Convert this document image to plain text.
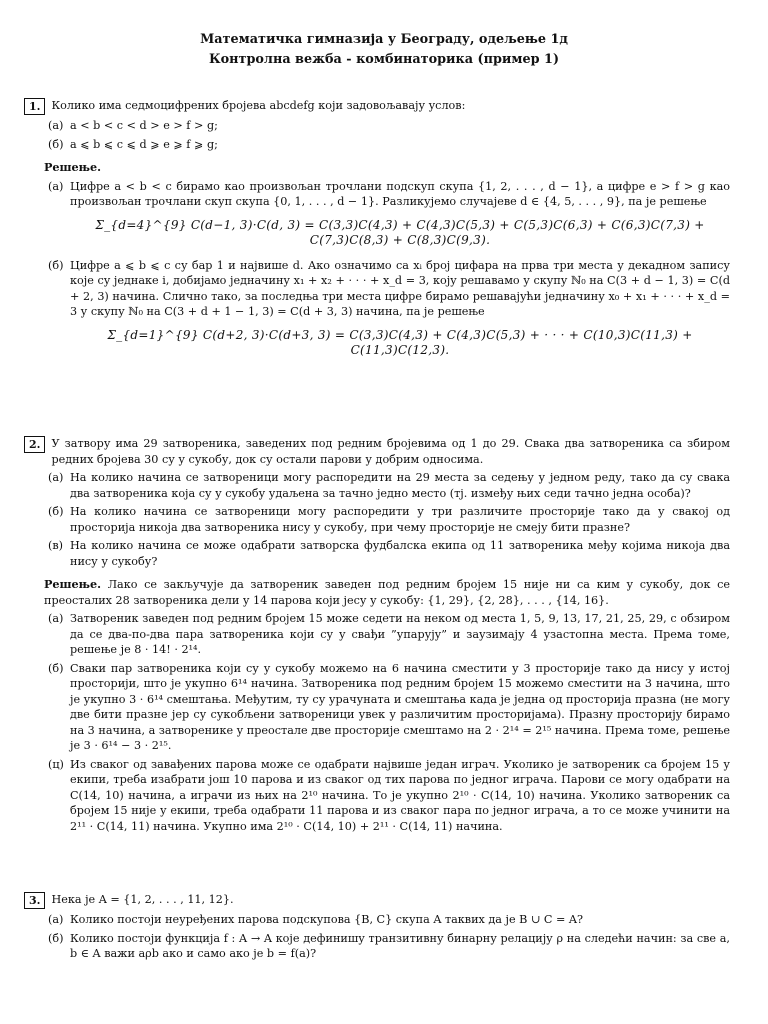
Математичка гимназија у Београду, одељење 1д
Контролна вежба - комбинаторика (пример 1)
1. Колико има седмоцифрених бројева abcdefg који задовољавају услов:
(а) a < b < c < d > e > f > g;
(б) a ⩽ b ⩽ c ⩽ d ⩾ e ⩾ f ⩾ g;
Решење.
(а) Цифре a < b < c бирамо као произвољан трочлани подскуп скупа {1, 2, . . . , d − 1}, а цифре e > f > g као произвољан трочлани скуп скупа {0, 1, . . . , d − 1}. Разликујемо случајеве d ∈ {4, 5, . . . , 9}, па је решење
Σ_{d=4}^{9} C(d−1, 3)·C(d, 3) = C(3,3)C(4,3) + C(4,3)C(5,3) + C(5,3)C(6,3) + C(6,3)C(7,3) + C(7,3)C(8,3) + C(8,3)C(9,3).
(б) Цифре a ⩽ b ⩽ c су бар 1 и највише d. Ако означимо са xᵢ број цифара на прва три места у декадном запису које су једнаке i, добијамо једначину x₁ + x₂ + · · · + x_d = 3, коју решавамо у скупу ℕ₀ на C(3 + d − 1, 3) = C(d + 2, 3) начина. Слично тако, за последња три места цифре бирамо решавајући једначину x₀ + x₁ + · · · + x_d = 3 у скупу ℕ₀ на C(3 + d + 1 − 1, 3) = C(d + 3, 3) начина, па је решење
Σ_{d=1}^{9} C(d+2, 3)·C(d+3, 3) = C(3,3)C(4,3) + C(4,3)C(5,3) + · · · + C(10,3)C(11,3) + C(11,3)C(12,3).
2. У затвору има 29 затвореника, заведених под редним бројевима од 1 до 29. Свака два затвореника са збиром редних бројева 30 су у сукобу, док су остали парови у добрим односима.
(а) На колико начина се затвореници могу распоредити на 29 места за седењу у једном реду, тако да су свака два затвореника која су у сукобу удаљена за тачно једно место (тј. између њих седи тачно једна особа)?
(б) На колико начина се затвореници могу распоредити у три различите просторије тако да у свакој од просторија никоја два затвореника нису у сукобу, при чему просторије не смеју бити празне?
(в) На колико начина се може одабрати затворска фудбалска екипа од 11 затвореника међу којима никоја два нису у сукобу?
Решење. Лако се закључује да затвореник заведен под редним бројем 15 није ни са ким у сукобу, док се преосталих 28 затвореника дели у 14 парова који јесу у сукобу: {1, 29}, {2, 28}, . . . , {14, 16}.
(а) Затвореник заведен под редним бројем 15 може седети на неком од места 1, 5, 9, 13, 17, 21, 25, 29, с обзиром да се два-по-два пара затвореника који су у свађи ”упарују” и заузимају 4 узастопна места. Према томе, решење је 8 · 14! · 2¹⁴.
(б) Сваки пар затвореника који су у сукобу можемо на 6 начина сместити у 3 просторије тако да нису у истој просторији, што је укупно 6¹⁴ начина. Затвореника под редним бројем 15 можемо сместити на 3 начина, што је укупно 3 · 6¹⁴ смештања. Међутим, ту су урачуната и смештања када је једна од просторија празна (не могу две бити празне јер су сукобљени затвореници увек у различитим просторијама). Празну просторију бирамо на 3 начина, а затворенике у преостале две просторије смештамо на 2 · 2¹⁴ = 2¹⁵ начина. Према томе, решење је 3 · 6¹⁴ − 3 · 2¹⁵.
(ц) Из сваког од завађених парова може се одабрати највише један играч. Уколико је затвореник са бројем 15 у екипи, треба изабрати још 10 парова и из сваког од тих парова по једног играча. Парови се могу одабрати на C(14, 10) начина, а играчи из њих на 2¹⁰ начина. То је укупно 2¹⁰ · C(14, 10) начина. Уколико затвореник са бројем 15 није у екипи, треба одабрати 11 парова и из сваког пара по једног играча, а то се може учинити на 2¹¹ · C(14, 11) начина. Укупно има 2¹⁰ · C(14, 10) + 2¹¹ · C(14, 11) начина.
3. Нека је A = {1, 2, . . . , 11, 12}.
(а) Колико постоји неуређених парова подскупова {B, C} скупа A таквих да је B ∪ C = A?
(б) Колико постоји функција f : A → A које дефинишу транзитивну бинарну релацију ρ на следећи начин: за све a, b ∈ A важи aρb ако и само ако је b = f(a)?
